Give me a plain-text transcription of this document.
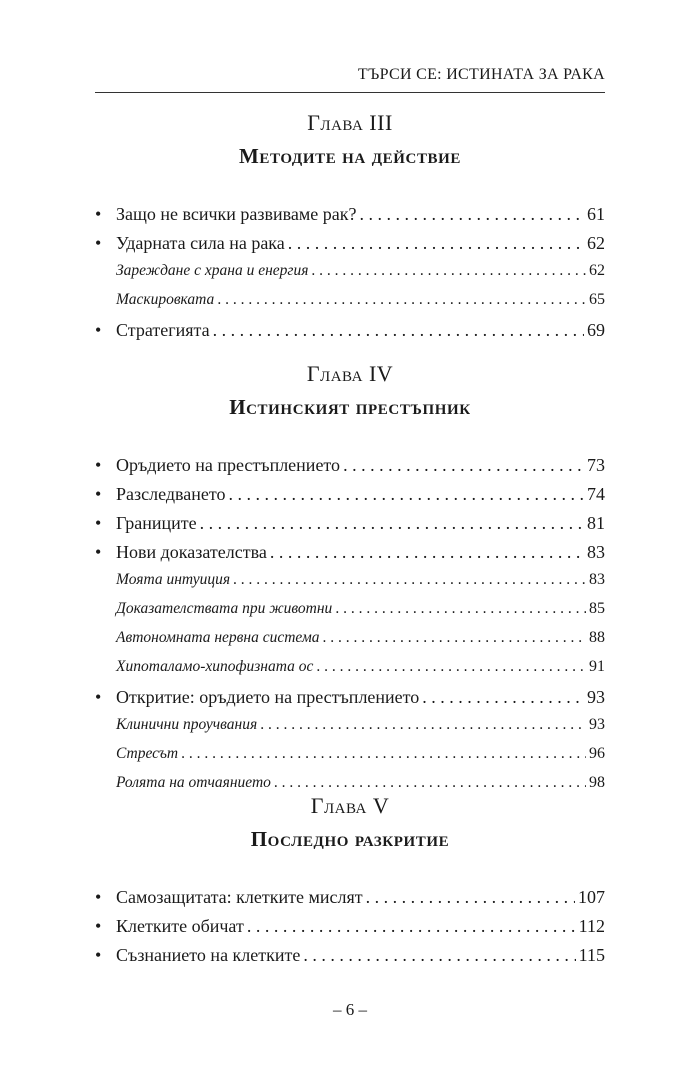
ТЪРСИ СЕ: ИСТИНАТА ЗА РАКА
Глава III
Методите на действие
• Защо не всички развиваме рак? . . .	61
• Ударната сила на рака . . .	62
Зареждане с храна и енергия . . .	62
Маскировката . . .	65
• Стратегията . . .	69
Глава IV
Истинският престъпник
• Оръдието на престъплението . . .	73
• Разследването . . .	74
• Границите . . .	81
• Нови доказателства . . .	83
Моята интуиция . . .	83
Доказателствата при животни . . .	85
Автономната нервна система . . .	88
Хипоталамо-хипофизната ос . . .	91
• Откритие: оръдието на престъплението . . .	93
Клинични проучвания . . .	93
Стресът . . .	96
Ролята на отчаянието . . .	98
Глава V
Последно разкритие
• Самозащитата: клетките мислят . . .	107
• Клетките обичат . . .	112
• Съзнанието на клетките . . .	115
– 6 –
